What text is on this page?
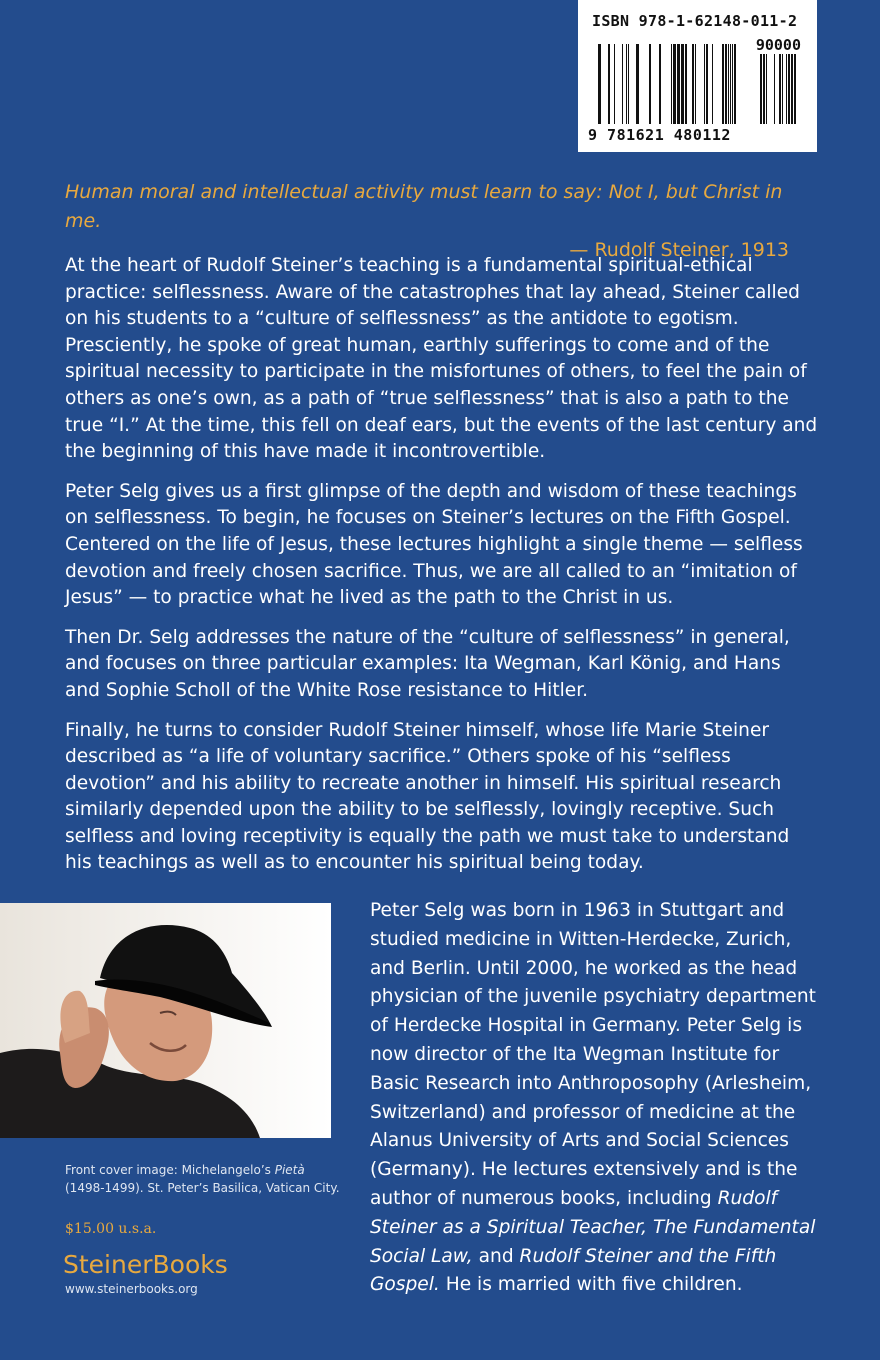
ISBN 978-1-62148-011-2
90000
9 781621 480112
Human moral and intellectual activity must learn to say: Not I, but Christ in me.
— Rudolf Steiner, 1913

At the heart of Rudolf Steiner’s teaching is a fundamental spiritual-ethical practice: selflessness. Aware of the catastrophes that lay ahead, Steiner called on his students to a “culture of selflessness” as the antidote to egotism. Presciently, he spoke of great human, earthly sufferings to come and of the spiritual necessity to participate in the misfortunes of others, to feel the pain of others as one’s own, as a path of “true selflessness” that is also a path to the true “I.” At the time, this fell on deaf ears, but the events of the last century and the beginning of this have made it incontrovertible.

Peter Selg gives us a first glimpse of the depth and wisdom of these teachings on selflessness. To begin, he focuses on Steiner’s lectures on the Fifth Gospel. Centered on the life of Jesus, these lectures highlight a single theme — selfless devotion and freely chosen sacrifice. Thus, we are all called to an “imitation of Jesus” — to practice what he lived as the path to the Christ in us.

Then Dr. Selg addresses the nature of the “culture of selflessness” in general, and focuses on three particular examples: Ita Wegman, Karl König, and Hans and Sophie Scholl of the White Rose resistance to Hitler.

Finally, he turns to consider Rudolf Steiner himself, whose life Marie Steiner described as “a life of voluntary sacrifice.” Others spoke of his “selfless devotion” and his ability to recreate another in himself. His spiritual research similarly depended upon the ability to be selflessly, lovingly receptive. Such selfless and loving receptivity is equally the path we must take to understand his teachings as well as to encounter his spiritual being today.

Front cover image: Michelangelo’s Pietà (1498-1499). St. Peter’s Basilica, Vatican City.
$15.00 u.s.a.
SteinerBooks
www.steinerbooks.org
Peter Selg was born in 1963 in Stuttgart and studied medicine in Witten-Herdecke, Zurich, and Berlin. Until 2000, he worked as the head physician of the juvenile psychiatry department of Herdecke Hospital in Germany. Peter Selg is now director of the Ita Wegman Institute for Basic Research into Anthroposophy (Arlesheim, Switzerland) and professor of medicine at the Alanus University of Arts and Social Sciences (Germany). He lectures extensively and is the author of numerous books, including Rudolf Steiner as a Spiritual Teacher, The Fundamental Social Law, and Rudolf Steiner and the Fifth Gospel. He is married with five children.
